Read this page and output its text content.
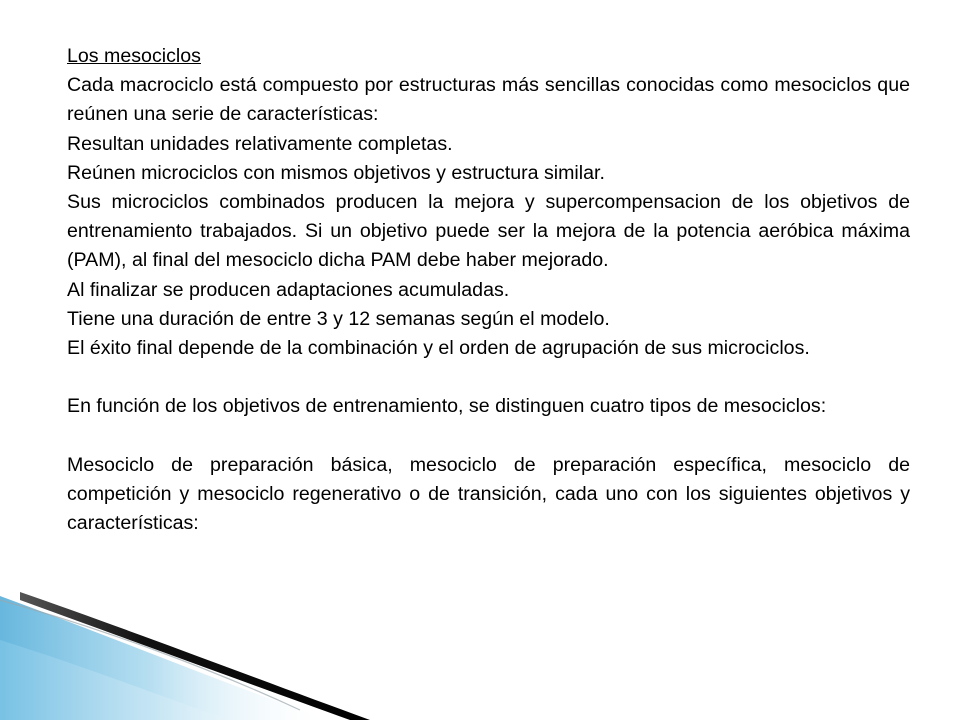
Los mesociclos

Cada macrociclo está compuesto por estructuras más sencillas conocidas como mesociclos que reúnen una serie de características:

Resultan unidades relativamente completas.

Reúnen microciclos con mismos objetivos y estructura similar.

Sus microciclos combinados producen la mejora y supercompensacion de los objetivos de entrenamiento trabajados. Si un objetivo puede ser la mejora de la potencia aeróbica máxima (PAM), al final del mesociclo dicha PAM debe haber mejorado.

Al finalizar se producen adaptaciones acumuladas.

Tiene una duración de entre 3 y 12 semanas según el modelo.

El éxito final depende de la combinación y el orden de agrupación de sus microciclos.

En función de los objetivos de entrenamiento, se distinguen cuatro tipos de mesociclos:

Mesociclo de preparación básica, mesociclo de preparación específica, mesociclo de competición y mesociclo regenerativo o de transición, cada uno con los siguientes objetivos y características:
